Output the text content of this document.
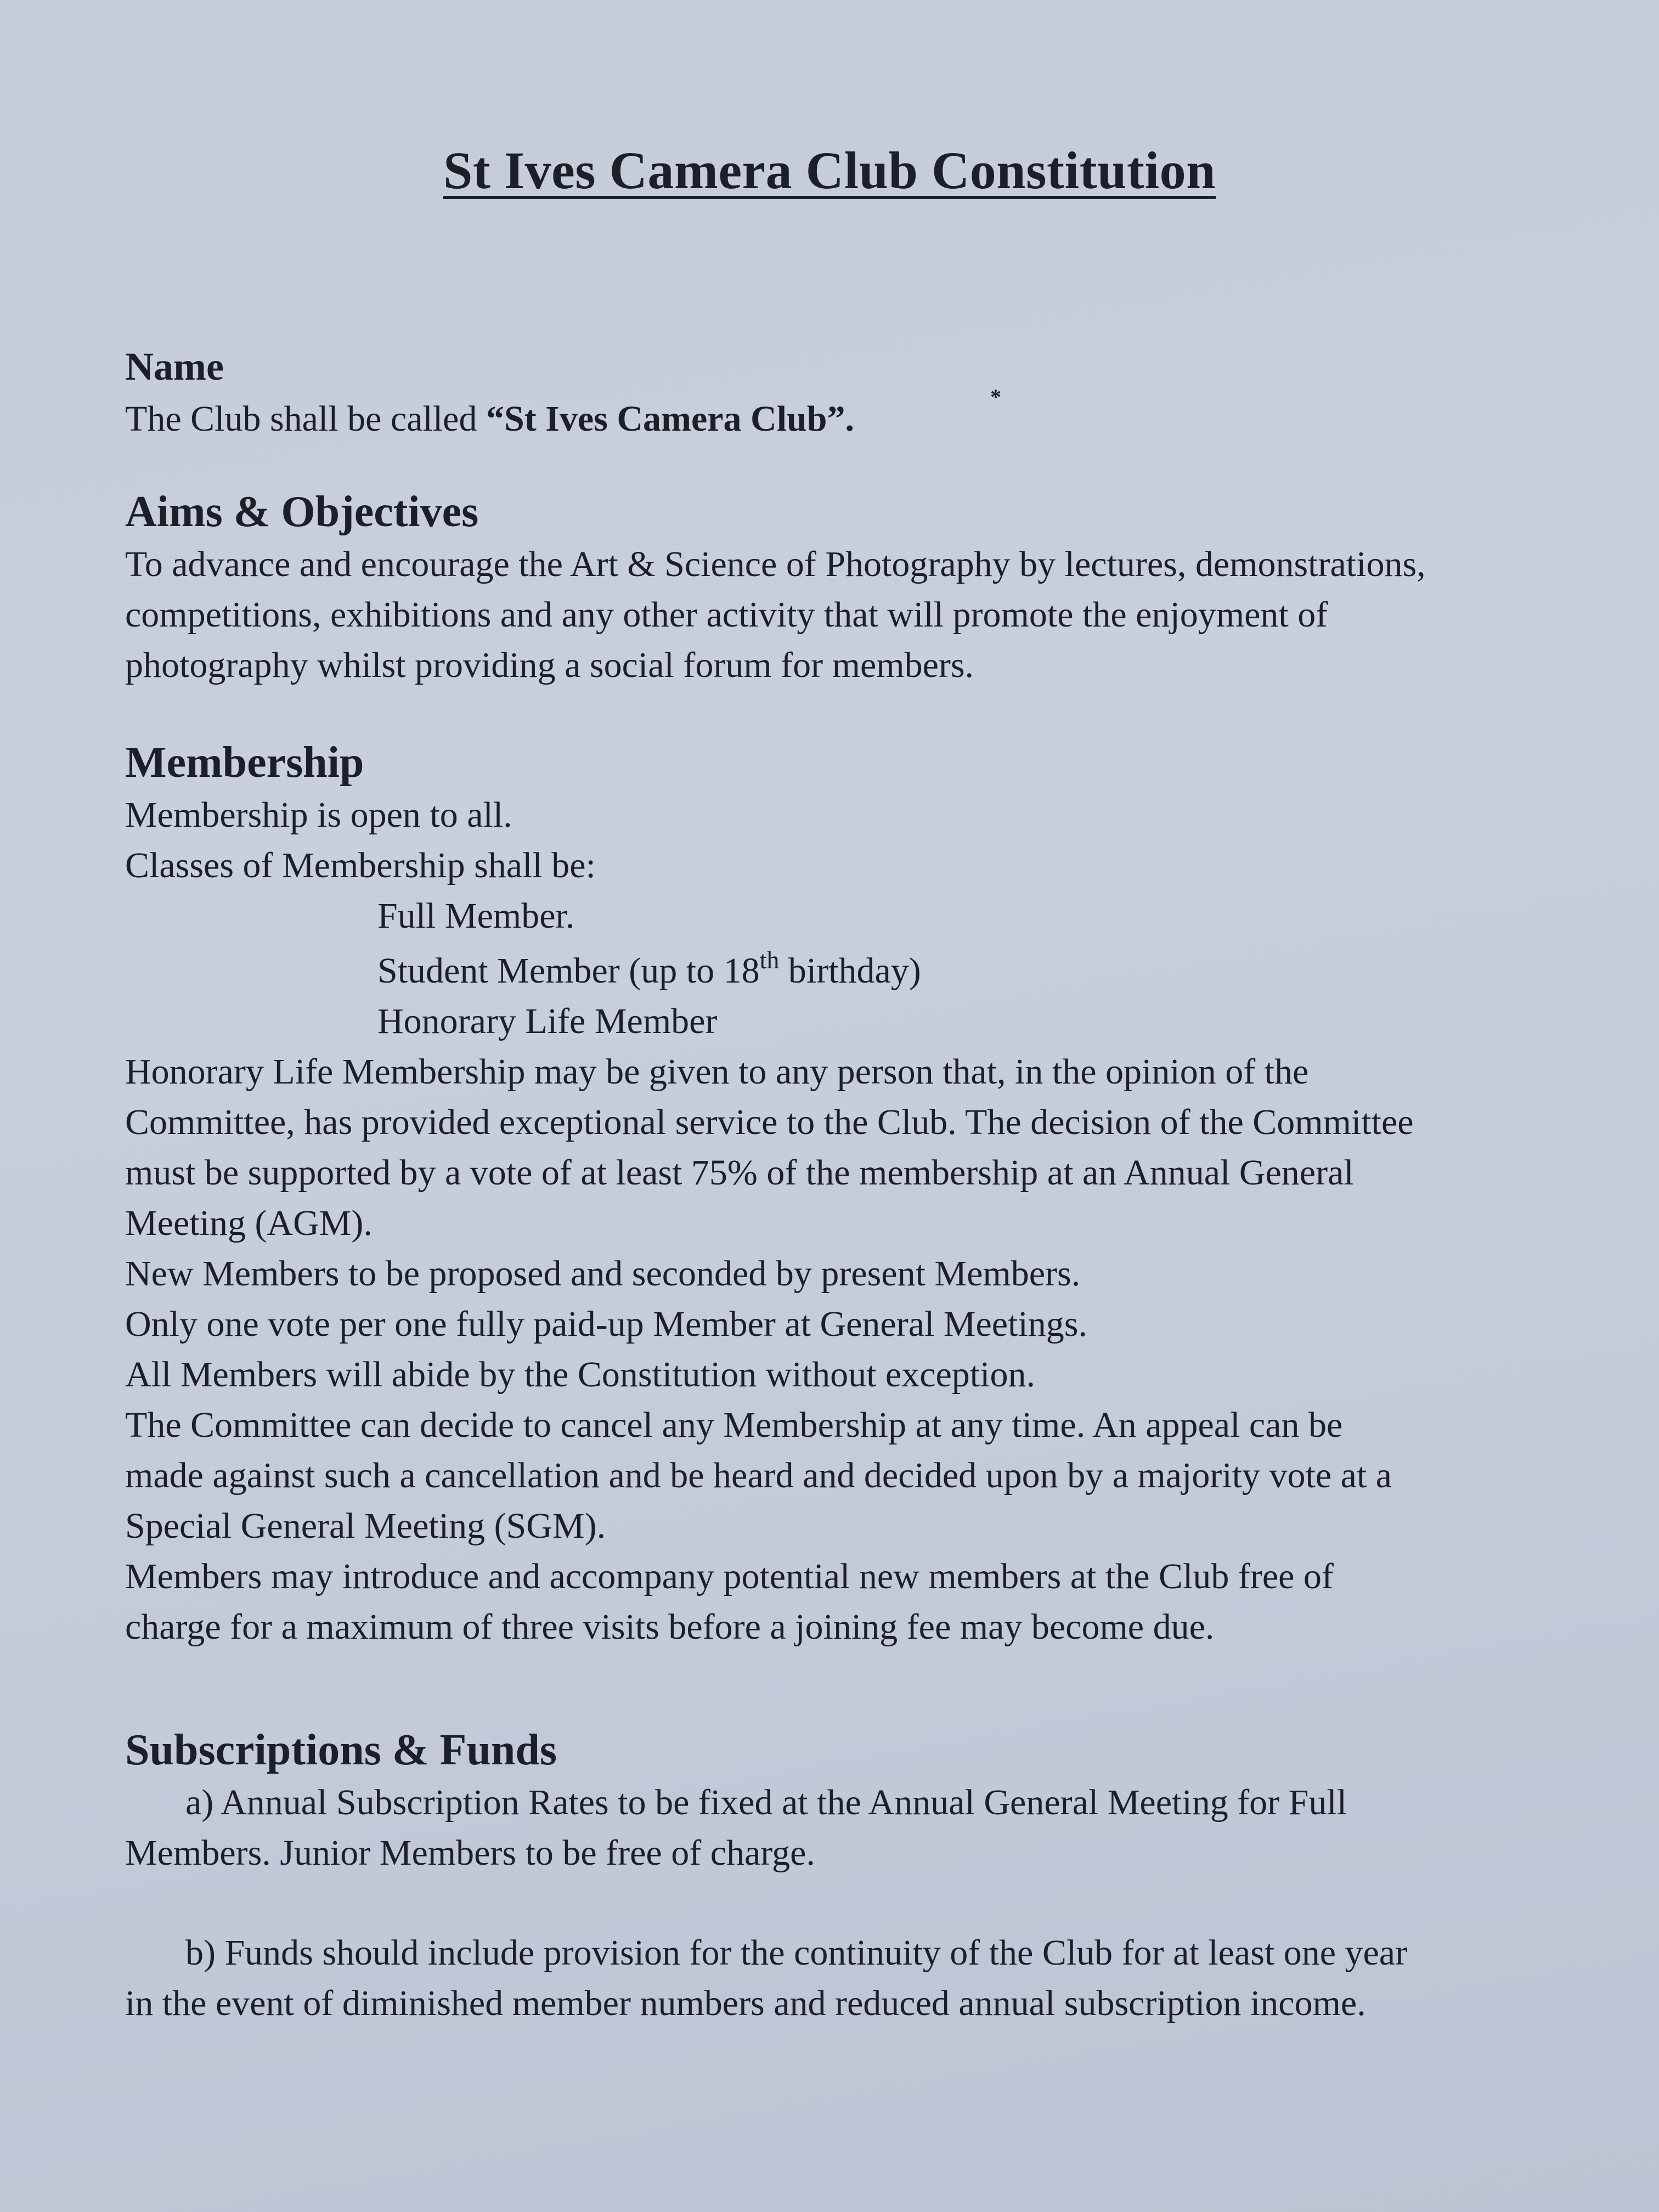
St Ives Camera Club Constitution

Name

The Club shall be called “St Ives Camera Club”.

*

Aims & Objectives

To advance and encourage the Art & Science of Photography by lectures, demonstrations,

competitions, exhibitions and any other activity that will promote the enjoyment of

photography whilst providing a social forum for members.

Membership

Membership is open to all.

Classes of Membership shall be:

Full Member.

Student Member (up to 18th birthday)

Honorary Life Member

Honorary Life Membership may be given to any person that, in the opinion of the

Committee, has provided exceptional service to the Club. The decision of the Committee

must be supported by a vote of at least 75% of the membership at an Annual General

Meeting (AGM).

New Members to be proposed and seconded by present Members.

Only one vote per one fully paid-up Member at General Meetings.

All Members will abide by the Constitution without exception.

The Committee can decide to cancel any Membership at any time. An appeal can be

made against such a cancellation and be heard and decided upon by a majority vote at a

Special General Meeting (SGM).

Members may introduce and accompany potential new members at the Club free of

charge for a maximum of three visits before a joining fee may become due.

Subscriptions & Funds

a) Annual Subscription Rates to be fixed at the Annual General Meeting for Full

Members. Junior Members to be free of charge.

b) Funds should include provision for the continuity of the Club for at least one year

in the event of diminished member numbers and reduced annual subscription income.
